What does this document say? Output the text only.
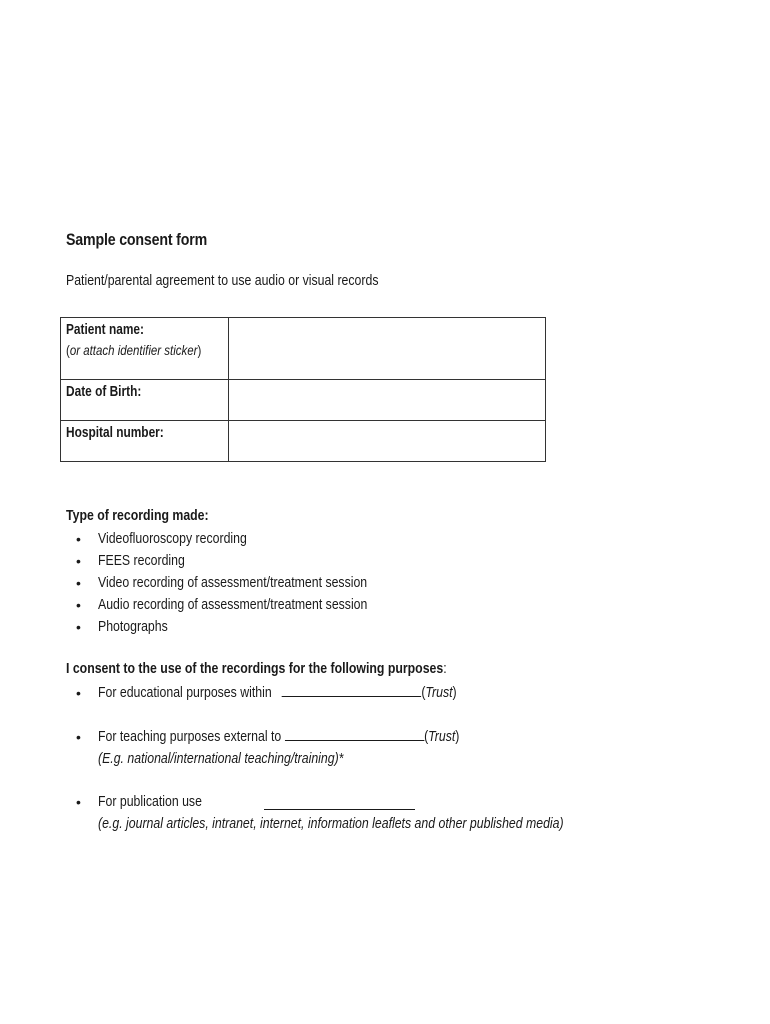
Sample consent form
Patient/parental agreement to use audio or visual records
Patient name:
(or attach identifier sticker)	

Date of Birth:	
Hospital number:	
Type of recording made:
• Videofluoroscopy recording
• FEES recording
• Video recording of assessment/treatment session
• Audio recording of assessment/treatment session
• Photographs
I consent to the use of the recordings for the following purposes:
• For educational purposes within	(Trust)
• For teaching purposes external to	(Trust)
(E.g. national/international teaching/training)*
• For publication use
(e.g. journal articles, intranet, internet, information leaflets and other published media)
